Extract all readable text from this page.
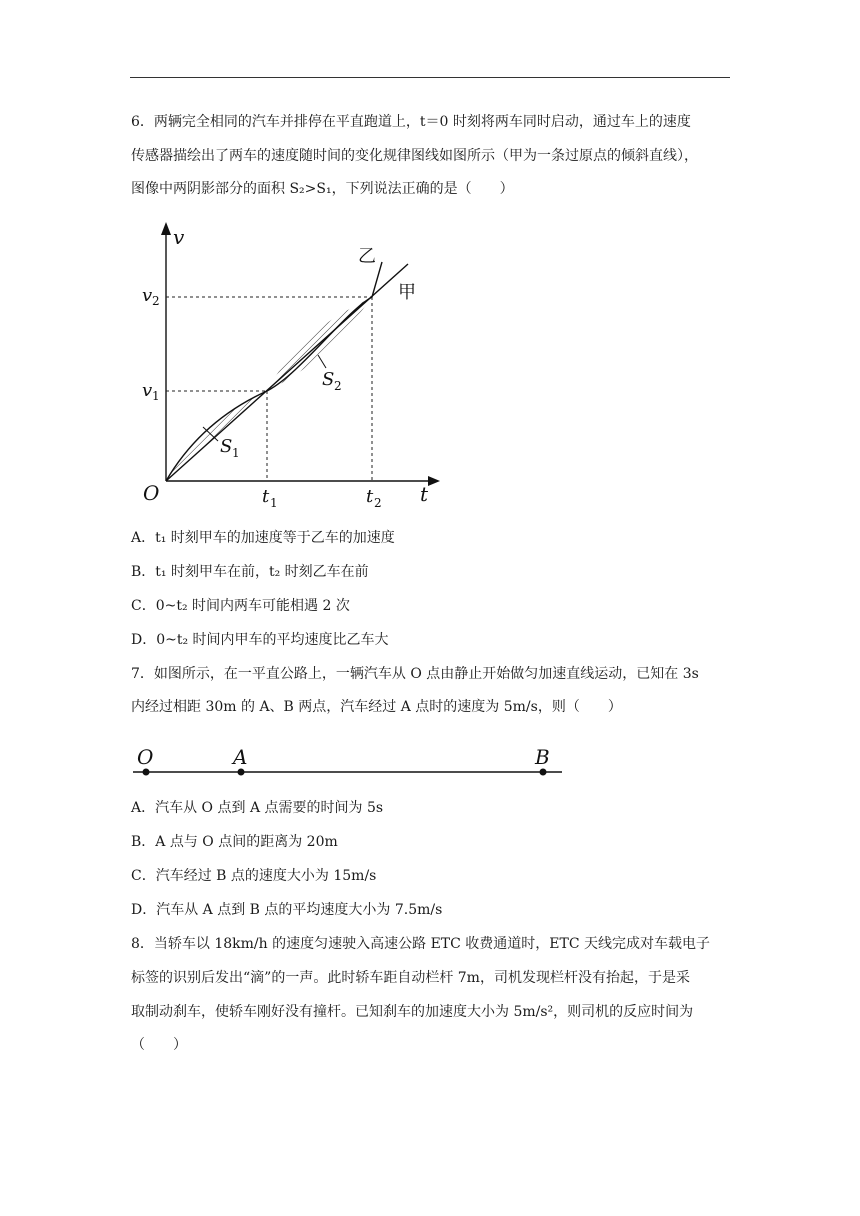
6．两辆完全相同的汽车并排停在平直跑道上，t＝0 时刻将两车同时启动，通过车上的速度
传感器描绘出了两车的速度随时间的变化规律图线如图所示（甲为一条过原点的倾斜直线），
图像中两阴影部分的面积 S₂>S₁，下列说法正确的是（　　）
v
t
O
v 2
v 1
t 1	t 2
S 1
S 2
甲
乙
A．t₁ 时刻甲车的加速度等于乙车的加速度
B．t₁ 时刻甲车在前，t₂ 时刻乙车在前
C．0~t₂ 时间内两车可能相遇 2 次
D．0~t₂ 时间内甲车的平均速度比乙车大
7．如图所示，在一平直公路上，一辆汽车从 O 点由静止开始做匀加速直线运动，已知在 3s
内经过相距 30m 的 A、B 两点，汽车经过 A 点时的速度为 5m/s，则（　　）
O	A	B
A．汽车从 O 点到 A 点需要的时间为 5s
B．A 点与 O 点间的距离为 20m
C．汽车经过 B 点的速度大小为 15m/s
D．汽车从 A 点到 B 点的平均速度大小为 7.5m/s
8．当轿车以 18km/h 的速度匀速驶入高速公路 ETC 收费通道时，ETC 天线完成对车载电子
标签的识别后发出“滴”的一声。此时轿车距自动栏杆 7m，司机发现栏杆没有抬起，于是采
取制动刹车，使轿车刚好没有撞杆。已知刹车的加速度大小为 5m/s²，则司机的反应时间为
（　　）
